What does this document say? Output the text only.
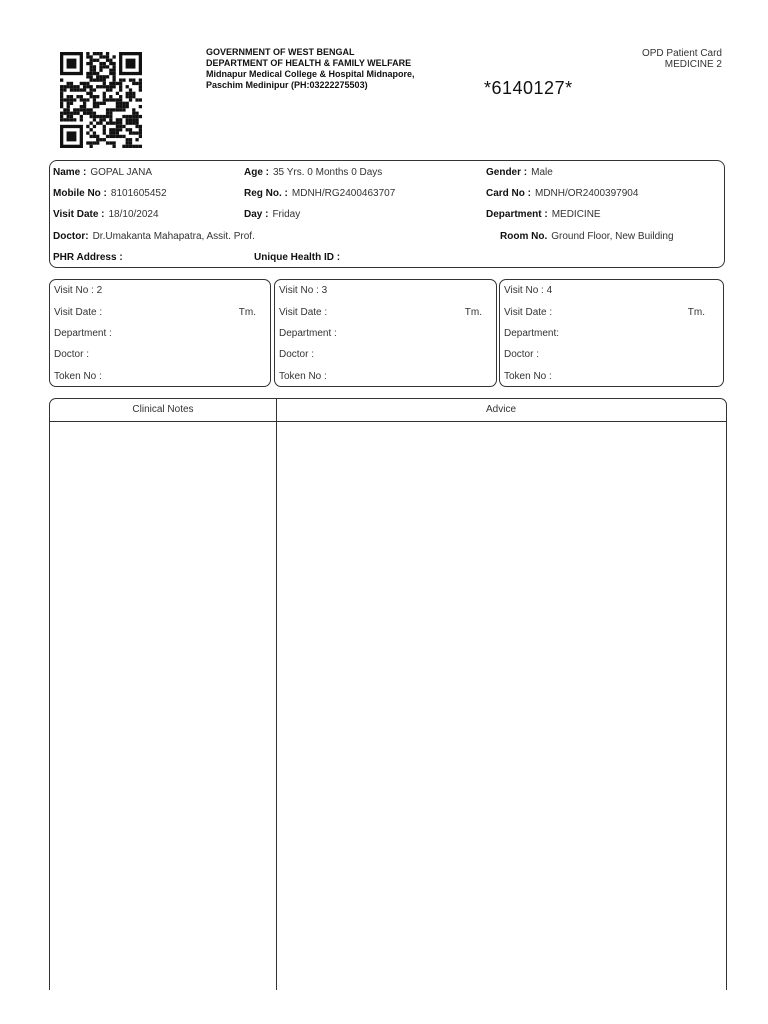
GOVERNMENT OF WEST BENGAL
DEPARTMENT OF HEALTH & FAMILY WELFARE
Midnapur Medical College & Hospital Midnapore,
Paschim Medinipur (PH:03222275503)
OPD Patient Card
MEDICINE 2
*6140127*
Name : GOPAL JANA	Age : 35 Yrs. 0 Months 0 Days	Gender : Male
Mobile No : 8101605452	Reg No. : MDNH/RG2400463707	Card No : MDNH/OR2400397904
Visit Date : 18/10/2024	Day : Friday	Department : MEDICINE
Doctor: Dr.Umakanta Mahapatra, Assit. Prof.	Room No. Ground Floor, New Building
PHR Address :	Unique Health ID :
Visit No : 2
Visit Date :	Tm.
Department :
Doctor :
Token No :
Visit No : 3
Visit Date :	Tm.
Department :
Doctor :
Token No :
Visit No : 4
Visit Date :	Tm.
Department:
Doctor :
Token No :
Clinical Notes	Advice
